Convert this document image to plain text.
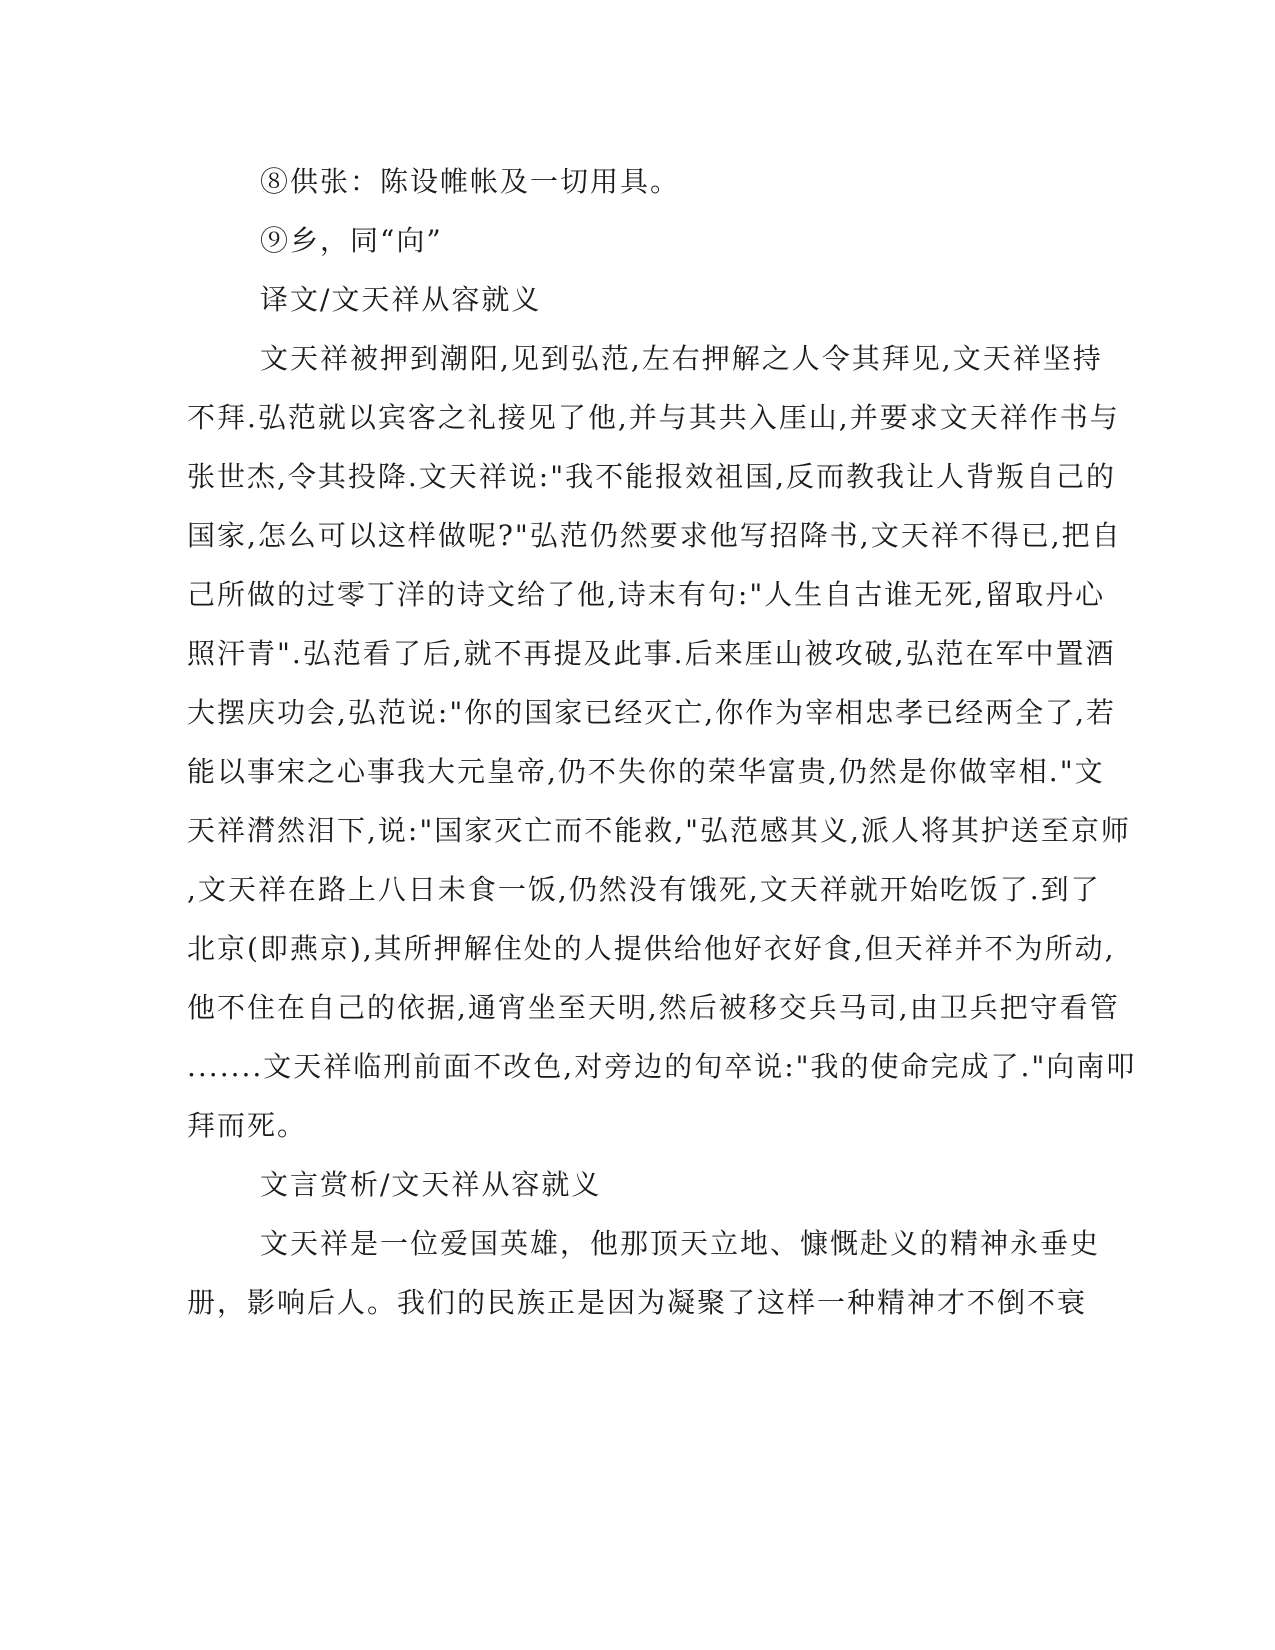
⑧供张：陈设帷帐及一切用具。
⑨乡，同“向”
译文/文天祥从容就义
文天祥被押到潮阳,见到弘范,左右押解之人令其拜见,文天祥坚持
不拜.弘范就以宾客之礼接见了他,并与其共入厓山,并要求文天祥作书与
张世杰,令其投降.文天祥说:"我不能报效祖国,反而教我让人背叛自己的
国家,怎么可以这样做呢?"弘范仍然要求他写招降书,文天祥不得已,把自
己所做的过零丁洋的诗文给了他,诗末有句:"人生自古谁无死,留取丹心
照汗青".弘范看了后,就不再提及此事.后来厓山被攻破,弘范在军中置酒
大摆庆功会,弘范说:"你的国家已经灭亡,你作为宰相忠孝已经两全了,若
能以事宋之心事我大元皇帝,仍不失你的荣华富贵,仍然是你做宰相."文
天祥潸然泪下,说:"国家灭亡而不能救,"弘范感其义,派人将其护送至京师
,文天祥在路上八日未食一饭,仍然没有饿死,文天祥就开始吃饭了.到了
北京(即燕京),其所押解住处的人提供给他好衣好食,但天祥并不为所动,
他不住在自己的依据,通宵坐至天明,然后被移交兵马司,由卫兵把守看管
.......文天祥临刑前面不改色,对旁边的旬卒说:"我的使命完成了."向南叩
拜而死。
文言赏析/文天祥从容就义
文天祥是一位爱国英雄，他那顶天立地、慷慨赴义的精神永垂史
册，影响后人。我们的民族正是因为凝聚了这样一种精神才不倒不衰
